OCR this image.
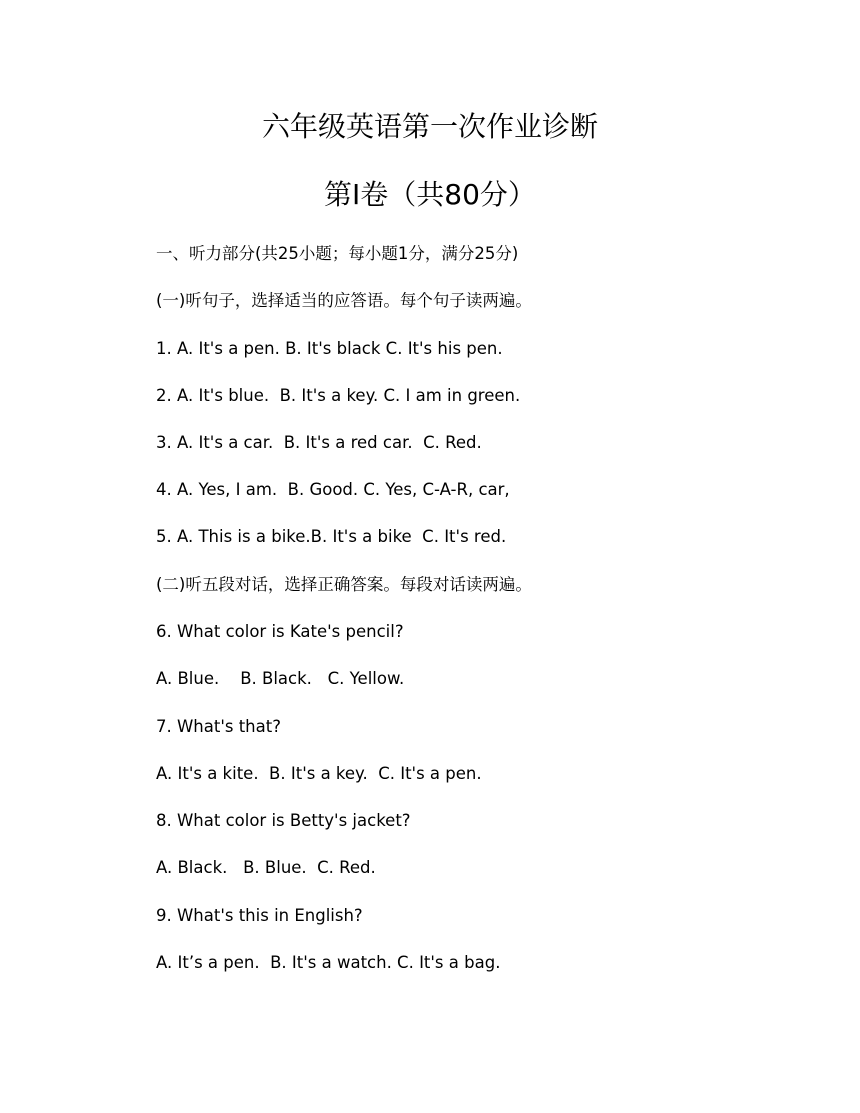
六年级英语第一次作业诊断
第I卷（共80分）
一、听力部分(共25小题；每小题1分，满分25分)
(一)听句子，选择适当的应答语。每个句子读两遍。
1. A. It's a pen. B. It's black C. It's his pen.
2. A. It's blue.  B. It's a key. C. I am in green.
3. A. It's a car.  B. It's a red car.  C. Red.
4. A. Yes, I am.  B. Good. C. Yes, C-A-R, car,
5. A. This is a bike.B. It's a bike  C. It's red.
(二)听五段对话，选择正确答案。每段对话读两遍。
6. What color is Kate's pencil?
A. Blue.    B. Black.   C. Yellow.
7. What's that?
A. It's a kite.  B. It's a key.  C. It's a pen.
8. What color is Betty's jacket?
A. Black.   B. Blue.  C. Red.
9. What's this in English?
A. It’s a pen.  B. It's a watch. C. It's a bag.
